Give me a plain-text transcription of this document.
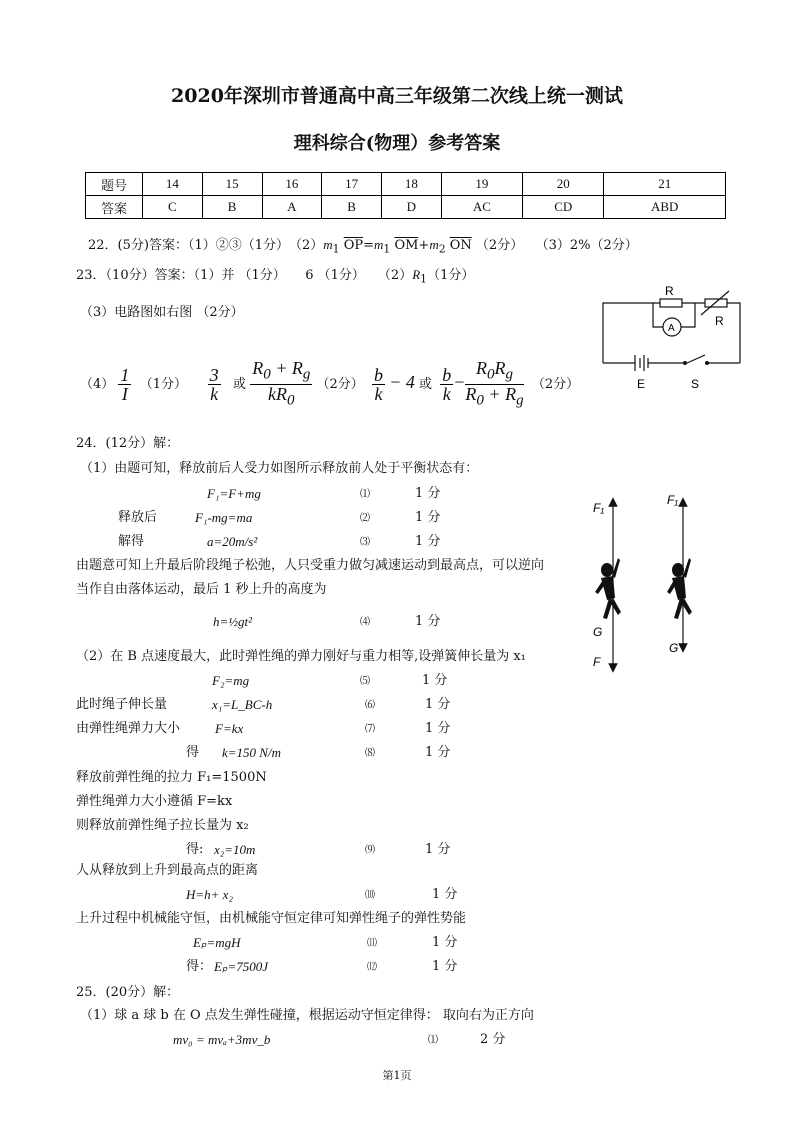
2020年深圳市普通高中高三年级第二次线上统一测试
理科综合(物理）参考答案
题号	14	15	16	17	18	19	20	21
答案	C	B	A	B	D	AC	CD	ABD
22．(5分)答案：（1）②③（1分）　$(2)m_1$ $\overline{OP}=m_1$ $\overline{OM}+m_2$ $\overline{ON}$ （2分） （3）2%（2分）
23．（10分）答案：（1）并 （1分）　　6 （1分）　　$(2)R_1(1$分）
（3）电路图如右图 （2分）
$(4) \frac{1}{I} (1$分） $\frac{3}{k}$ 或 $\frac{R_0 + R_g}{kR_0} (2$分） $\frac{b}{k} - 4$ 或 $\frac{b}{k} - \frac{R_0R_g}{R_0 + R_g} (2$分）
R
R
A
E	S
24．(12分）解：
（1）由题可知，释放前后人受力如图所示释放前人处于平衡状态有：
F₁=F+mg	⑴	1 分
释放后	F₁-mg=ma	⑵	1 分
解得	a=20m/s²	⑶	1 分
由题意可知上升最后阶段绳子松弛，人只受重力做匀减速运动到最高点，可以逆向
当作自由落体运动，最后 1 秒上升的高度为
h=½gt²	⑷	1 分
（2）在 B 点速度最大，此时弹性绳的弹力刚好与重力相等,设弹簧伸长量为 x₁
F₂=mg	⑸	1 分
此时绳子伸长量	x₁=L_BC-h	⑹	1 分
由弹性绳弹力大小	F=kx	⑺	1 分
得 k=150 N/m	⑻	1 分
释放前弹性绳的拉力 F₁=1500N
弹性绳弹力大小遵循 F=kx
则释放前弹性绳子拉长量为 x₂
得: x₂=10m	⑼	1 分
人从释放到上升到最高点的距离
H=h+ x₂	⑽	1 分
上升过程中机械能守恒，由机械能守恒定律可知弹性绳子的弹性势能
Eₚ=mgH	⑾	1 分
得： Eₚ=7500J	⑿	1 分
F₁
F₁
G
F
G
25．(20分）解：
（1）球 a 球 b 在 O 点发生弹性碰撞，根据运动守恒定律得： 取向右为正方向
mv₀ = mvₐ+3mv_b	⑴	2 分
第1页
